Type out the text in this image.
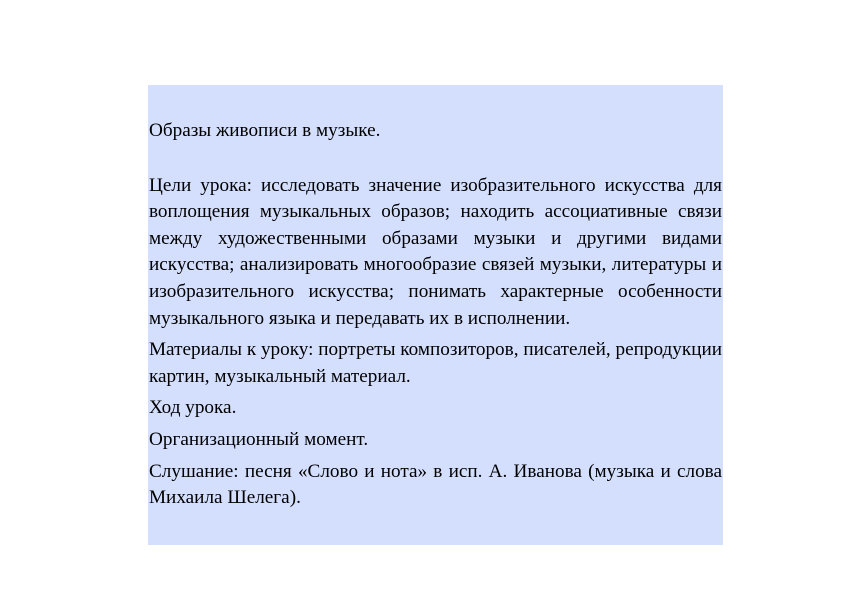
Образы живописи в музыке.

Цели урока: исследовать значение изобразительного искусства для воплощения музыкальных образов; находить ассоциативные связи между художественными образами музыки и другими видами искусства; анализировать многообразие связей музыки, литературы и изобразительного искусства; понимать характерные особенности музыкального языка и передавать их в исполнении.

Материалы к уроку: портреты композиторов, писателей, репродукции картин, музыкальный материал.

Ход урока.

Организационный момент.

Слушание: песня «Слово и нота» в исп. А. Иванова (музыка и слова Михаила Шелега).
